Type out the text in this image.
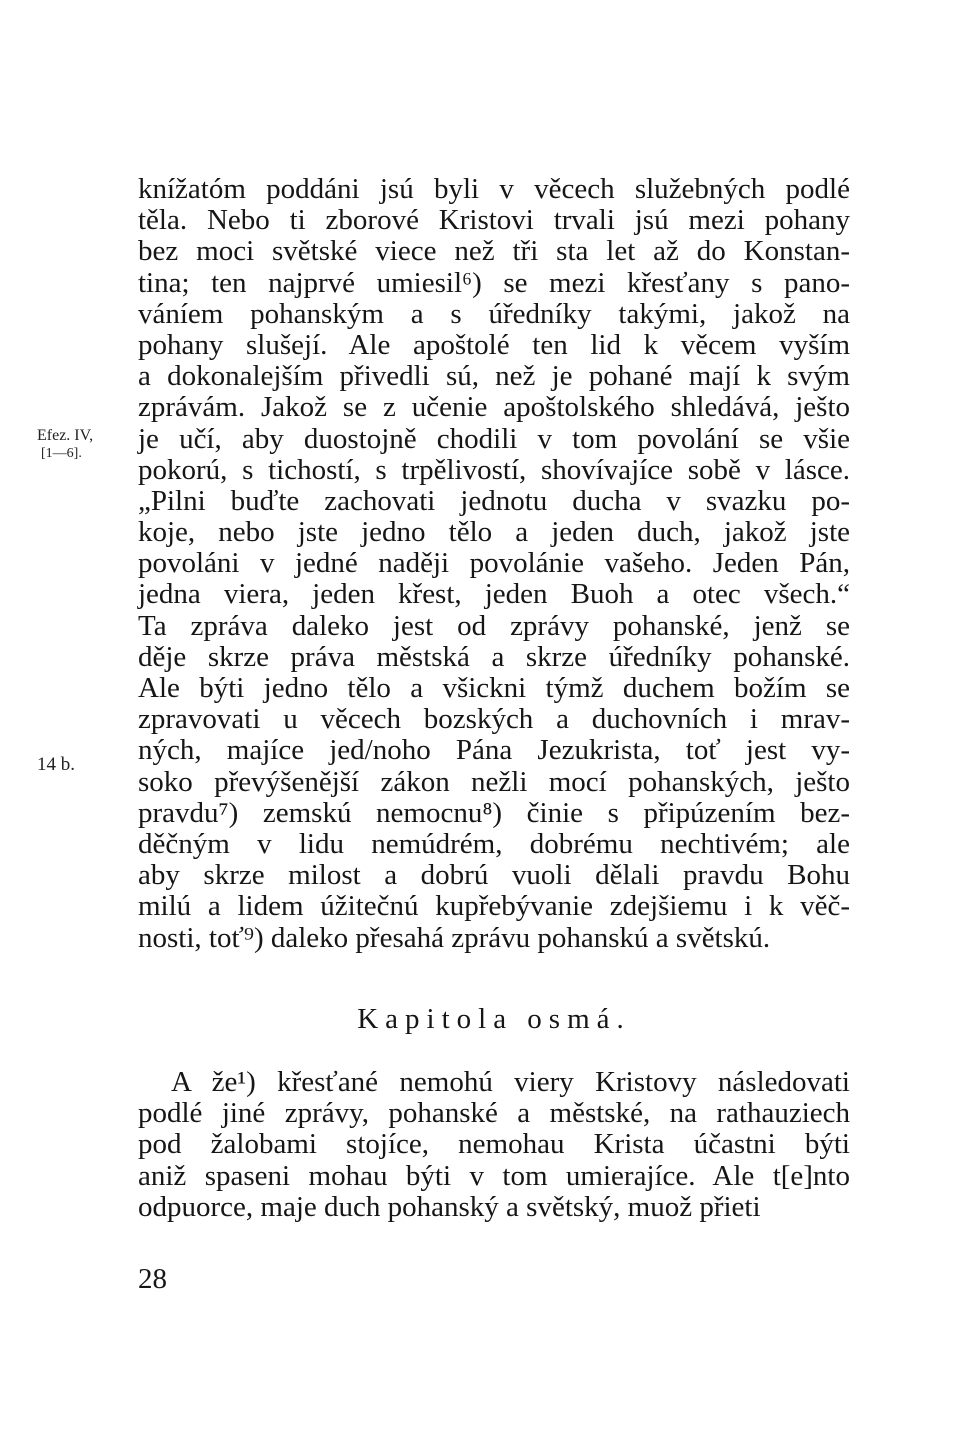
Efez. IV,
[1—6].
14 b.
knížatóm poddáni jsú byli v věcech služebných podlé
těla. Nebo ti zborové Kristovi trvali jsú mezi pohany
bez moci světské viece než tři sta let až do Konstan-
tina; ten najprvé umiesil⁶) se mezi křesťany s pano-
váníem pohanským a s úředníky takými, jakož na
pohany slušejí. Ale apoštolé ten lid k věcem vyším
a dokonalejším přivedli sú, než je pohané mají k svým
zprávám. Jakož se z učenie apoštolského shledává, ješto
je učí, aby duostojně chodili v tom povolání se všie
pokorú, s tichostí, s trpělivostí, shovívajíce sobě v lásce.
„Pilni buďte zachovati jednotu ducha v svazku po-
koje, nebo jste jedno tělo a jeden duch, jakož jste
povoláni v jedné naději povolánie vašeho. Jeden Pán,
jedna viera, jeden křest, jeden Buoh a otec všech.“
Ta zpráva daleko jest od zprávy pohanské, jenž se
děje skrze práva městská a skrze úředníky pohanské.
Ale býti jedno tělo a všickni týmž duchem božím se
zpravovati u věcech bozských a duchovních i mrav-
ných, majíce jed/noho Pána Jezukrista, toť jest vy-
soko převýšenější zákon nežli mocí pohanských, ješto
pravdu⁷) zemskú nemocnu⁸) činie s připúzením bez-
děčným v lidu nemúdrém, dobrému nechtivém; ale
aby skrze milost a dobrú vuoli dělali pravdu Bohu
milú a lidem úžitečnú kupřebývanie zdejšiemu i k věč-
nosti, toť⁹) daleko přesahá zprávu pohanskú a světskú.
Kapitola osmá.
A že¹) křesťané nemohú viery Kristovy následovati
podlé jiné zprávy, pohanské a městské, na rathauziech
pod žalobami stojíce, nemohau Krista účastni býti
aniž spaseni mohau býti v tom umierajíce. Ale t[e]nto
odpuorce, maje duch pohanský a světský, muož přieti
28
